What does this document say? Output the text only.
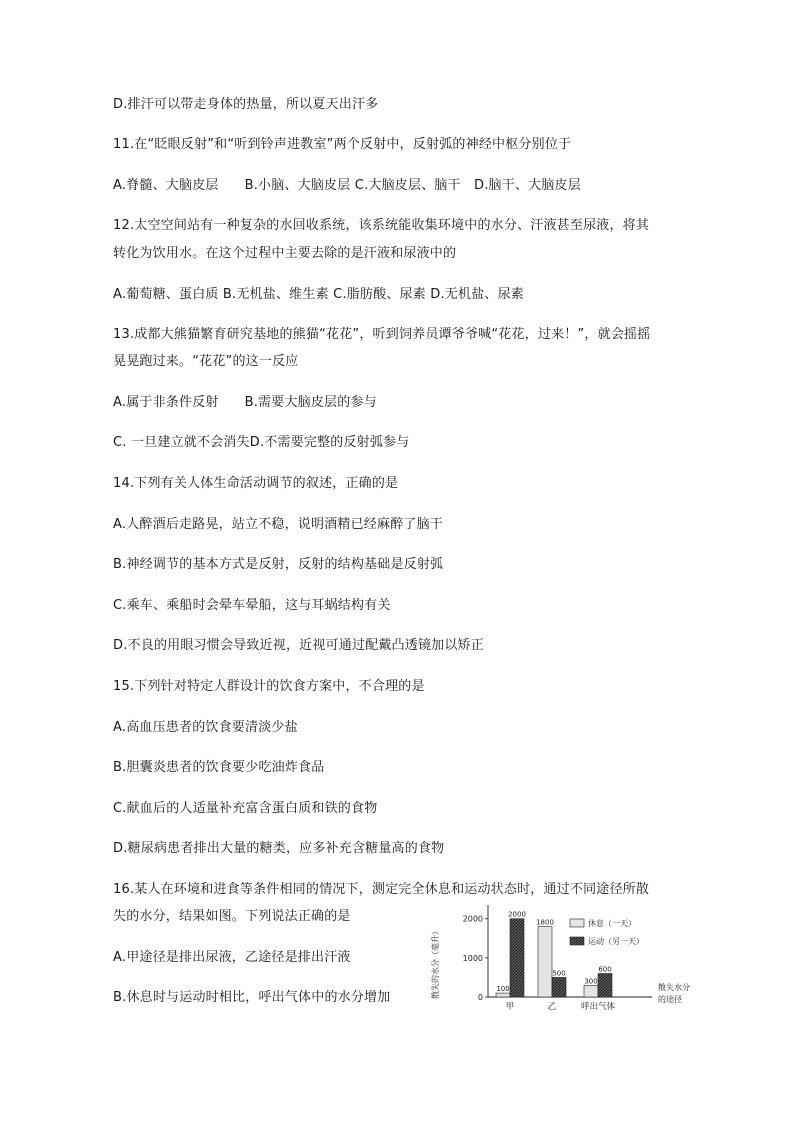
D.排汗可以带走身体的热量，所以夏天出汗多
11.在“眨眼反射”和“听到铃声进教室”两个反射中，反射弧的神经中枢分别位于
A.脊髓、大脑皮层 B.小脑、大脑皮层 C.大脑皮层、脑干　D.脑干、大脑皮层
12.太空空间站有一种复杂的水回收系统，该系统能收集环境中的水分、汗液甚至尿液，将其
转化为饮用水。在这个过程中主要去除的是汗液和尿液中的
A.葡萄糖、蛋白质 B.无机盐、维生素 C.脂肪酸、尿素 D.无机盐、尿素
13.成都大熊猫繁育研究基地的熊猫“花花”，听到饲养员谭爷爷喊“花花，过来！”，就会摇摇
晃晃跑过来。“花花”的这一反应
A.属于非条件反射 B.需要大脑皮层的参与
C. 一旦建立就不会消失D.不需要完整的反射弧参与
14.下列有关人体生命活动调节的叙述，正确的是
A.人醉酒后走路晃，站立不稳，说明酒精已经麻醉了脑干
B.神经调节的基本方式是反射，反射的结构基础是反射弧
C.乘车、乘船时会晕车晕船，这与耳蜗结构有关
D.不良的用眼习惯会导致近视，近视可通过配戴凸透镜加以矫正
15.下列针对特定人群设计的饮食方案中，不合理的是
A.高血压患者的饮食要清淡少盐
B.胆囊炎患者的饮食要少吃油炸食品
C.献血后的人适量补充富含蛋白质和铁的食物
D.糖尿病患者排出大量的糖类，应多补充含糖量高的食物
16.某人在环境和进食等条件相同的情况下，测定完全休息和运动状态时，通过不同途径所散
失的水分，结果如图。下列说法正确的是
A.甲途径是排出尿液，乙途径是排出汗液
B.休息时与运动时相比，呼出气体中的水分增加	散失的水分（毫升）	0
1000
2000
100
2000
甲
1800
500
乙
300
600
呼出气体
休息（一天）
运动（另一天）
散失水分
的途径
